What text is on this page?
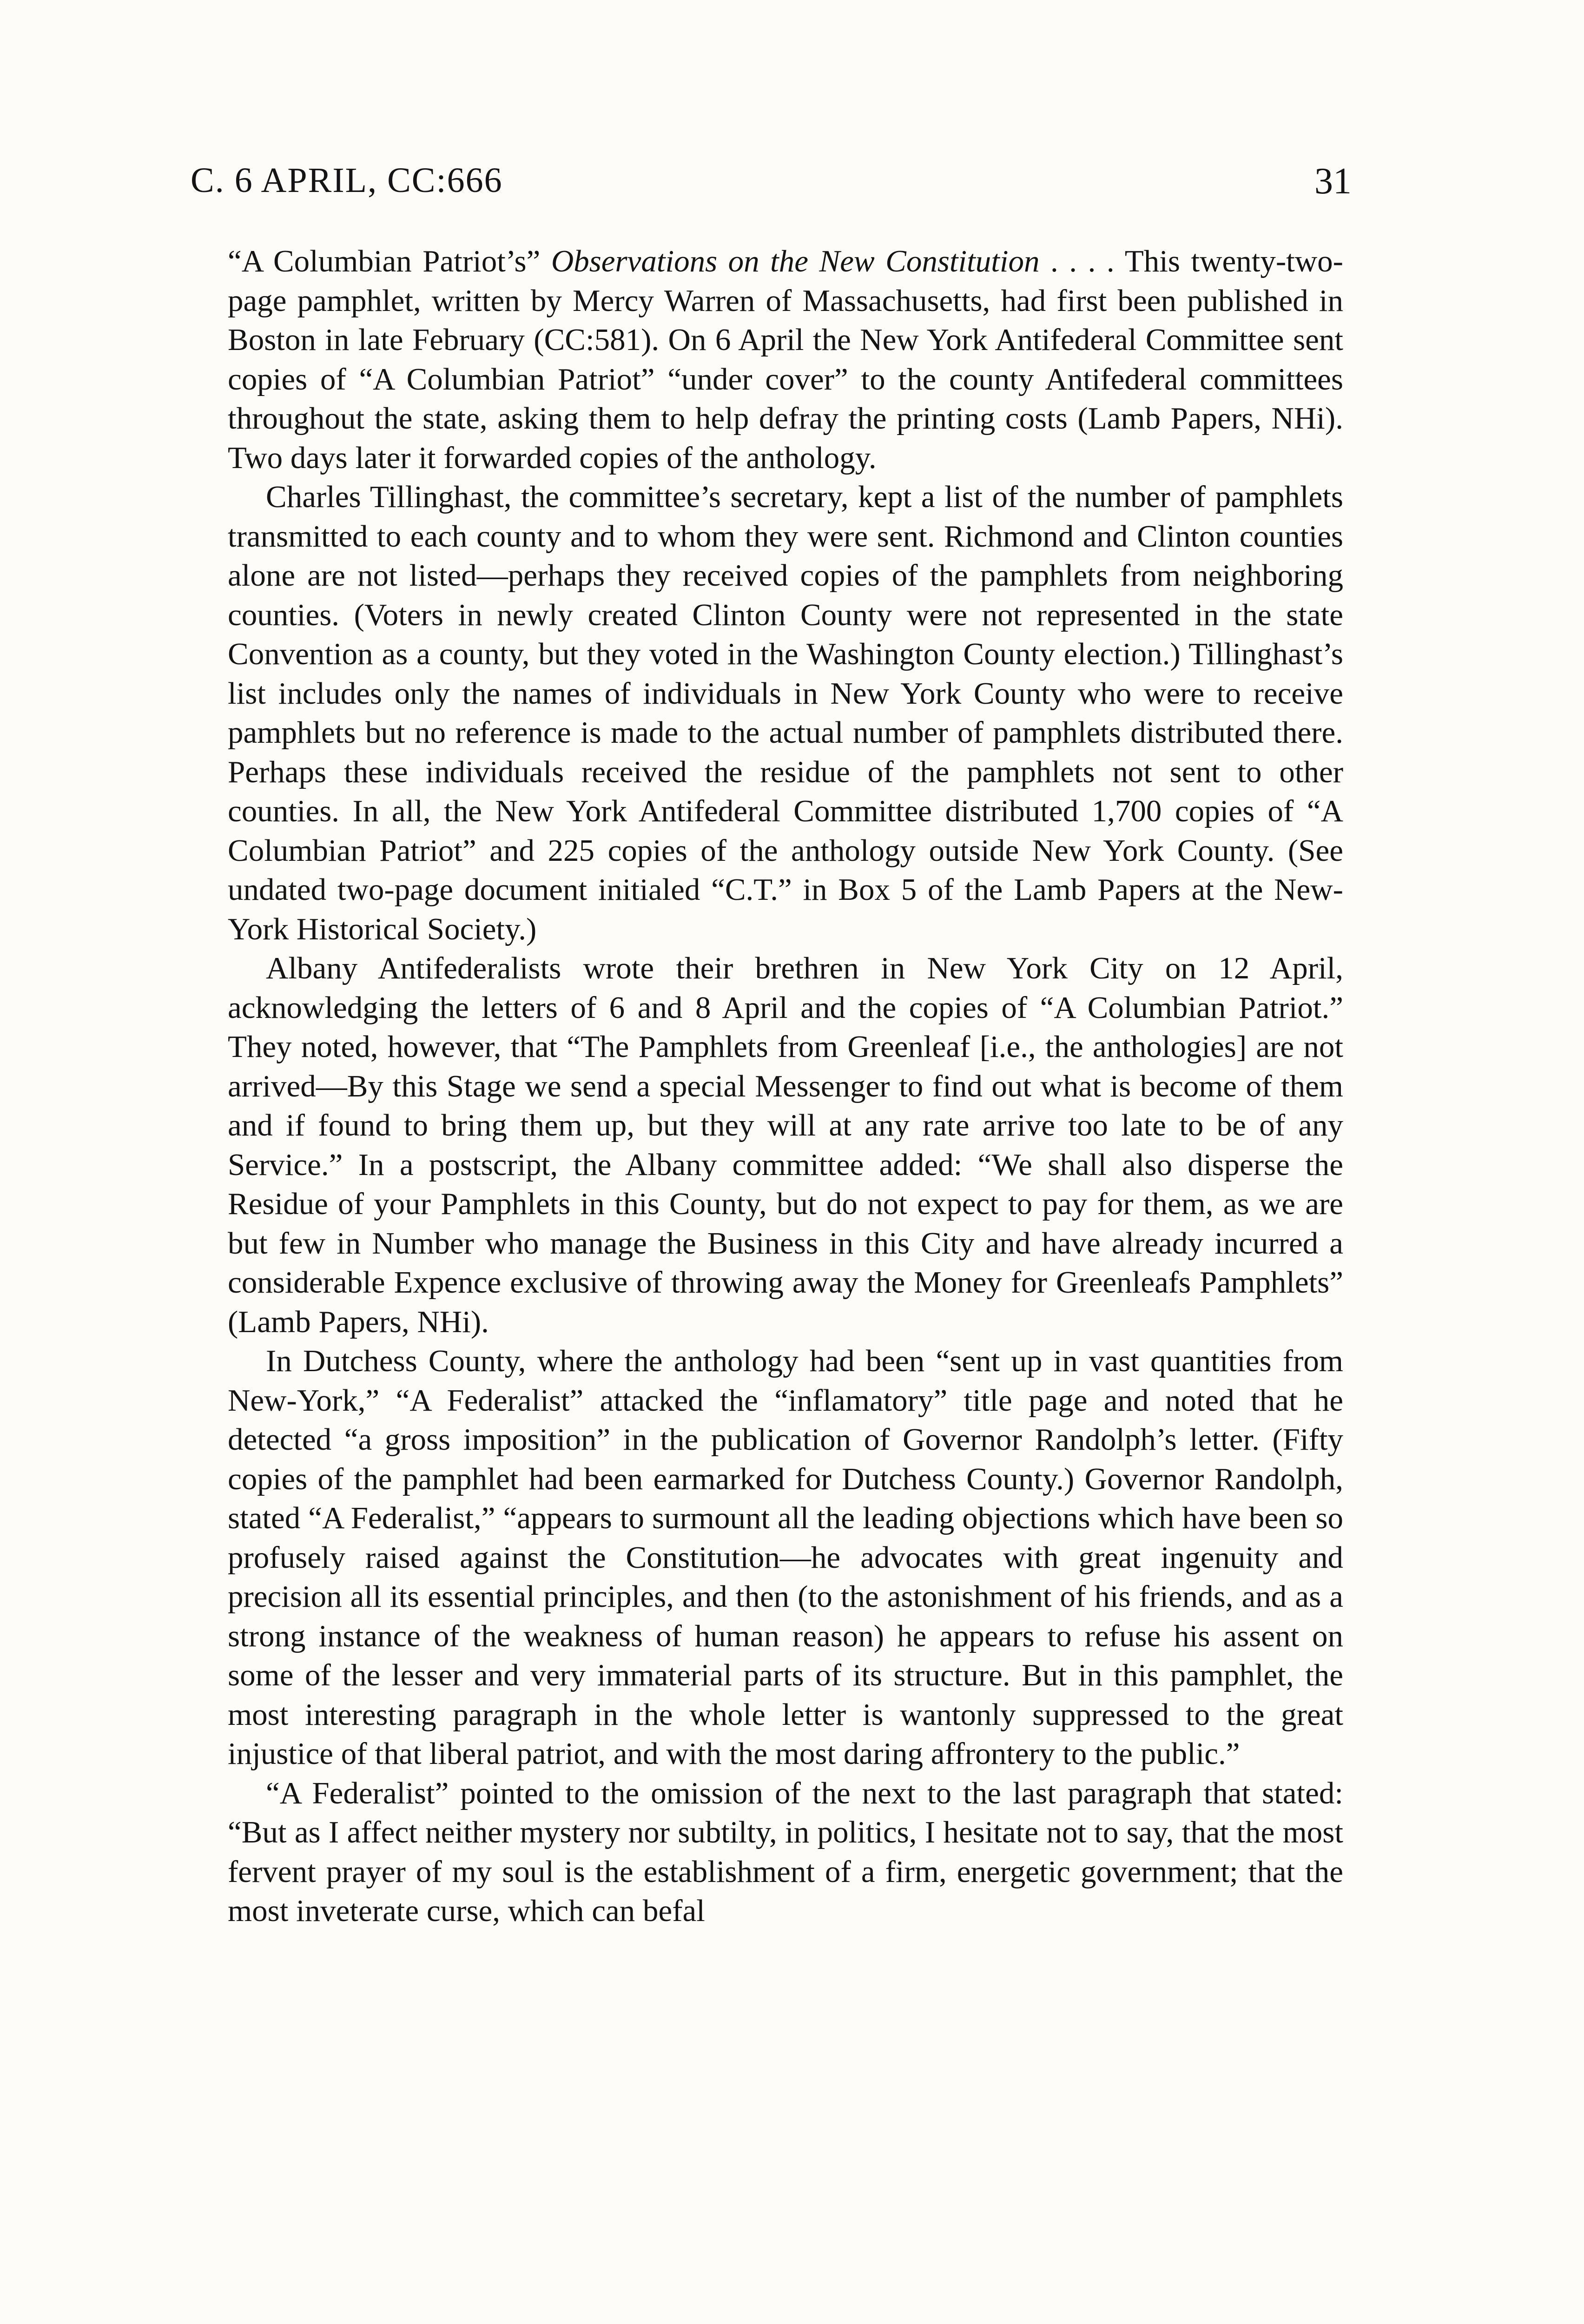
C. 6 APRIL, CC:666	31

“A Columbian Patriot’s” Observations on the New Constitution . . . . This twenty-two-page pamphlet, written by Mercy Warren of Massachusetts, had first been published in Boston in late February (CC:581). On 6 April the New York Antifederal Committee sent copies of “A Columbian Patriot” “under cover” to the county Antifederal committees throughout the state, asking them to help defray the printing costs (Lamb Papers, NHi). Two days later it forwarded copies of the anthology.

Charles Tillinghast, the committee’s secretary, kept a list of the number of pamphlets transmitted to each county and to whom they were sent. Richmond and Clinton counties alone are not listed—perhaps they received copies of the pamphlets from neighboring counties. (Voters in newly created Clinton County were not represented in the state Convention as a county, but they voted in the Washington County election.) Tillinghast’s list includes only the names of individuals in New York County who were to receive pamphlets but no reference is made to the actual number of pamphlets distributed there. Perhaps these individuals received the residue of the pamphlets not sent to other counties. In all, the New York Antifederal Committee distributed 1,700 copies of “A Columbian Patriot” and 225 copies of the anthology outside New York County. (See undated two-page document initialed “C.T.” in Box 5 of the Lamb Papers at the New-York Historical Society.)

Albany Antifederalists wrote their brethren in New York City on 12 April, acknowledging the letters of 6 and 8 April and the copies of “A Columbian Patriot.” They noted, however, that “The Pamphlets from Greenleaf [i.e., the anthologies] are not arrived—By this Stage we send a special Messenger to find out what is become of them and if found to bring them up, but they will at any rate arrive too late to be of any Service.” In a postscript, the Albany committee added: “We shall also disperse the Residue of your Pamphlets in this County, but do not expect to pay for them, as we are but few in Number who manage the Business in this City and have already incurred a considerable Expence exclusive of throwing away the Money for Greenleafs Pamphlets” (Lamb Papers, NHi).

In Dutchess County, where the anthology had been “sent up in vast quantities from New-York,” “A Federalist” attacked the “inflamatory” title page and noted that he detected “a gross imposition” in the publication of Governor Randolph’s letter. (Fifty copies of the pamphlet had been earmarked for Dutchess County.) Governor Randolph, stated “A Federalist,” “appears to surmount all the leading objections which have been so profusely raised against the Constitution—he advocates with great ingenuity and precision all its essential principles, and then (to the astonishment of his friends, and as a strong instance of the weakness of human reason) he appears to refuse his assent on some of the lesser and very immaterial parts of its structure. But in this pamphlet, the most interesting paragraph in the whole letter is wantonly suppressed to the great injustice of that liberal patriot, and with the most daring affrontery to the public.”

“A Federalist” pointed to the omission of the next to the last paragraph that stated: “But as I affect neither mystery nor subtilty, in politics, I hesitate not to say, that the most fervent prayer of my soul is the establishment of a firm, energetic government; that the most inveterate curse, which can befal
